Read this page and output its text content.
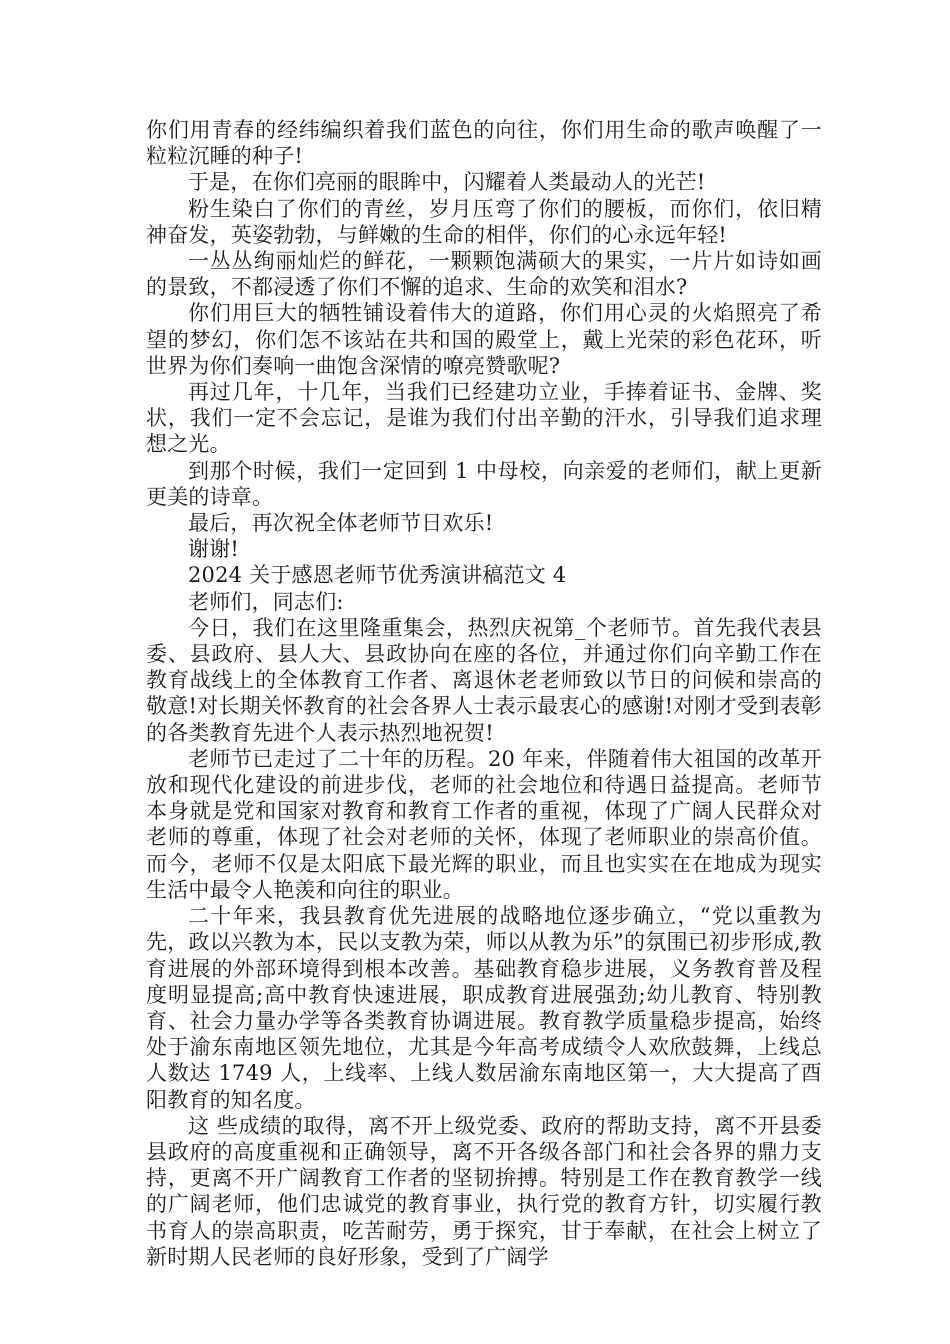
你们用青春的经纬编织着我们蓝色的向往，你们用生命的歌声唤醒了一粒粒沉睡的种子!

于是，在你们亮丽的眼眸中，闪耀着人类最动人的光芒!

粉生染白了你们的青丝，岁月压弯了你们的腰板，而你们，依旧精神奋发，英姿勃勃，与鲜嫩的生命的相伴，你们的心永远年轻!

一丛丛绚丽灿烂的鲜花，一颗颗饱满硕大的果实，一片片如诗如画的景致，不都浸透了你们不懈的追求、生命的欢笑和泪水?

你们用巨大的牺牲铺设着伟大的道路，你们用心灵的火焰照亮了希望的梦幻，你们怎不该站在共和国的殿堂上，戴上光荣的彩色花环，听世界为你们奏响一曲饱含深情的嘹亮赞歌呢?

再过几年，十几年，当我们已经建功立业，手捧着证书、金牌、奖状，我们一定不会忘记，是谁为我们付出辛勤的汗水，引导我们追求理想之光。

到那个时候，我们一定回到 1 中母校，向亲爱的老师们，献上更新更美的诗章。

最后，再次祝全体老师节日欢乐!

谢谢!

2024 关于感恩老师节优秀演讲稿范文 4

老师们，同志们:

今日，我们在这里隆重集会，热烈庆祝第_个老师节。首先我代表县委、县政府、县人大、县政协向在座的各位，并通过你们向辛勤工作在教育战线上的全体教育工作者、离退休老老师致以节日的问候和崇高的敬意!对长期关怀教育的社会各界人士表示最衷心的感谢!对刚才受到表彰的各类教育先进个人表示热烈地祝贺!

老师节已走过了二十年的历程。20 年来，伴随着伟大祖国的改革开放和现代化建设的前进步伐，老师的社会地位和待遇日益提高。老师节本身就是党和国家对教育和教育工作者的重视，体现了广阔人民群众对老师的尊重，体现了社会对老师的关怀，体现了老师职业的崇高价值。而今，老师不仅是太阳底下最光辉的职业，而且也实实在在地成为现实生活中最令人艳羡和向往的职业。

二十年来，我县教育优先进展的战略地位逐步确立，“党以重教为先，政以兴教为本，民以支教为荣，师以从教为乐”的氛围已初步形成,教育进展的外部环境得到根本改善。基础教育稳步进展，义务教育普及程度明显提高;高中教育快速进展，职成教育进展强劲;幼儿教育、特别教育、社会力量办学等各类教育协调进展。教育教学质量稳步提高，始终处于渝东南地区领先地位，尤其是今年高考成绩令人欢欣鼓舞，上线总人数达 1749 人，上线率、上线人数居渝东南地区第一，大大提高了酉阳教育的知名度。

这 些成绩的取得，离不开上级党委、政府的帮助支持，离不开县委县政府的高度重视和正确领导，离不开各级各部门和社会各界的鼎力支持，更离不开广阔教育工作者的坚韧拚搏。特别是工作在教育教学一线的广阔老师，他们忠诚党的教育事业，执行党的教育方针，切实履行教书育人的崇高职责，吃苦耐劳，勇于探究，甘于奉献，在社会上树立了新时期人民老师的良好形象，受到了广阔学
